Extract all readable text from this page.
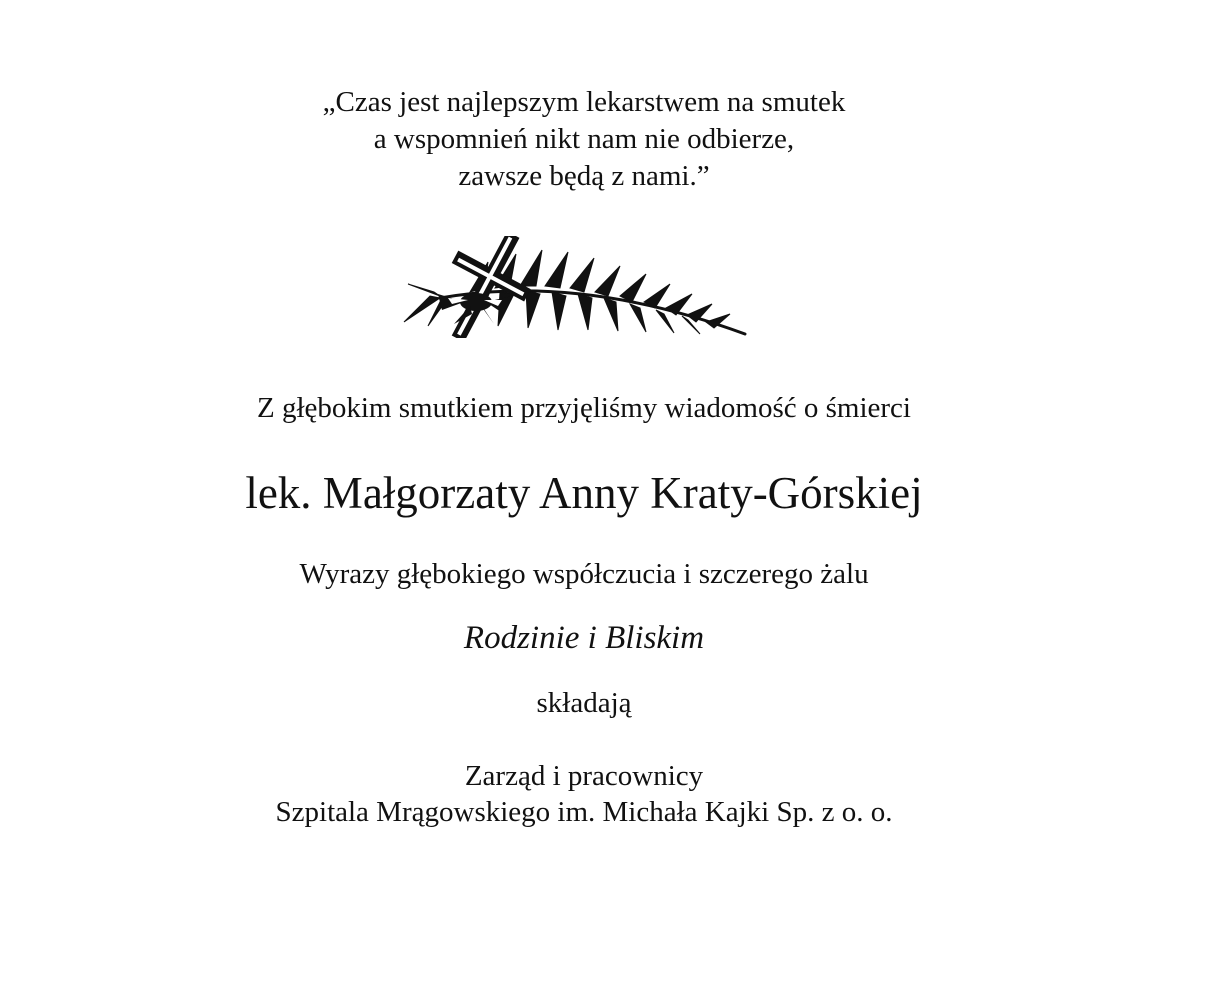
„Czas jest najlepszym lekarstwem na smutek
a wspomnień nikt nam nie odbierze,
zawsze będą z nami.”
Z głębokim smutkiem przyjęliśmy wiadomość o śmierci
lek. Małgorzaty Anny Kraty-Górskiej
Wyrazy głębokiego współczucia i szczerego żalu
Rodzinie i Bliskim
składają
Zarząd i pracownicy
Szpitala Mrągowskiego im. Michała Kajki Sp. z o. o.
